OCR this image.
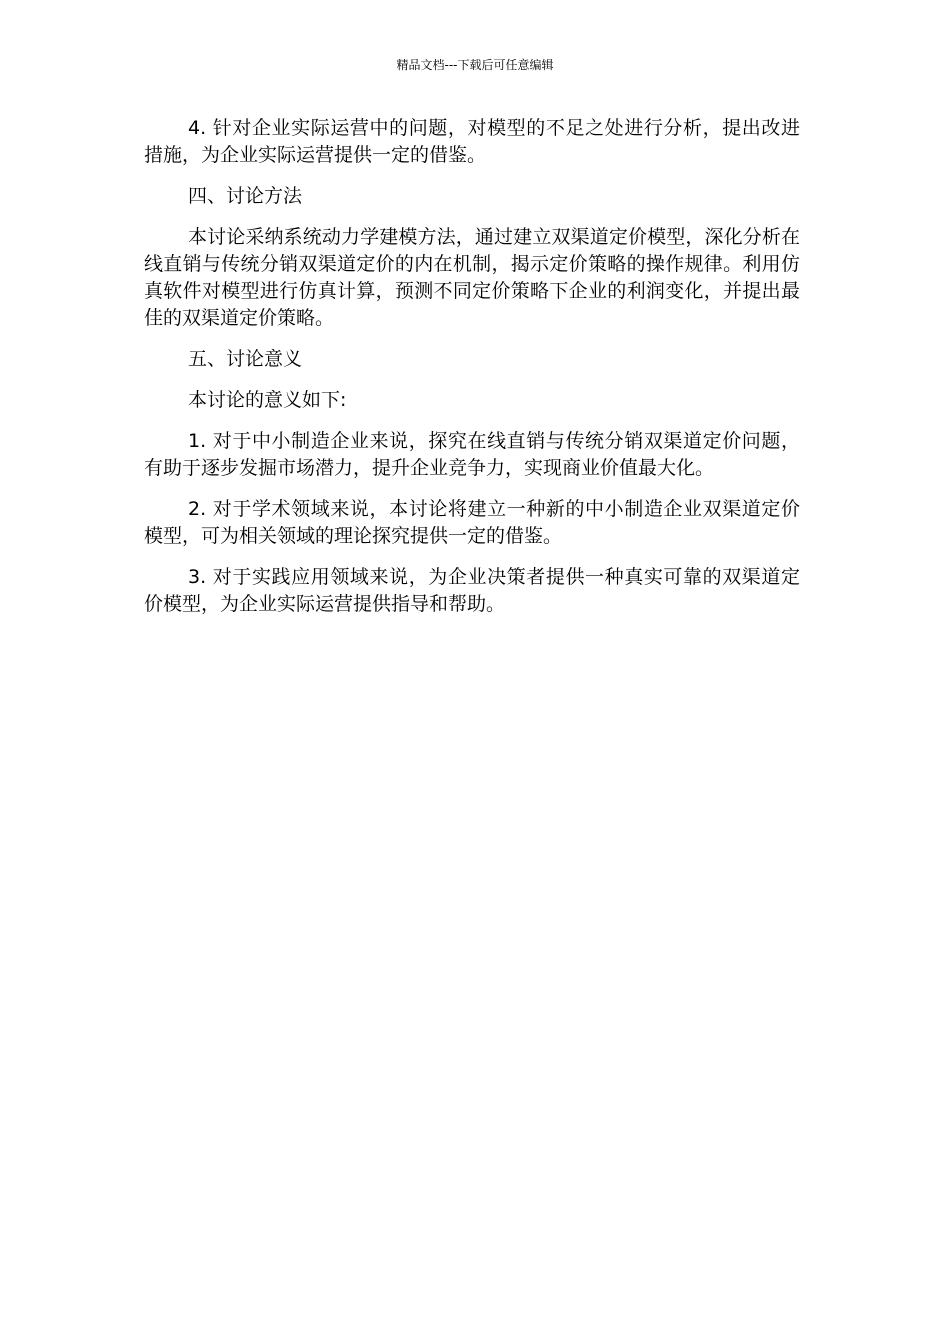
精品文档---下载后可任意编辑

4. 针对企业实际运营中的问题，对模型的不足之处进行分析，提出改进措施，为企业实际运营提供一定的借鉴。

四、讨论方法

本讨论采纳系统动力学建模方法，通过建立双渠道定价模型，深化分析在线直销与传统分销双渠道定价的内在机制，揭示定价策略的操作规律。利用仿真软件对模型进行仿真计算，预测不同定价策略下企业的利润变化，并提出最佳的双渠道定价策略。

五、讨论意义

本讨论的意义如下:

1. 对于中小制造企业来说，探究在线直销与传统分销双渠道定价问题，有助于逐步发掘市场潜力，提升企业竞争力，实现商业价值最大化。

2. 对于学术领域来说，本讨论将建立一种新的中小制造企业双渠道定价模型，可为相关领域的理论探究提供一定的借鉴。

3. 对于实践应用领域来说，为企业决策者提供一种真实可靠的双渠道定价模型，为企业实际运营提供指导和帮助。
